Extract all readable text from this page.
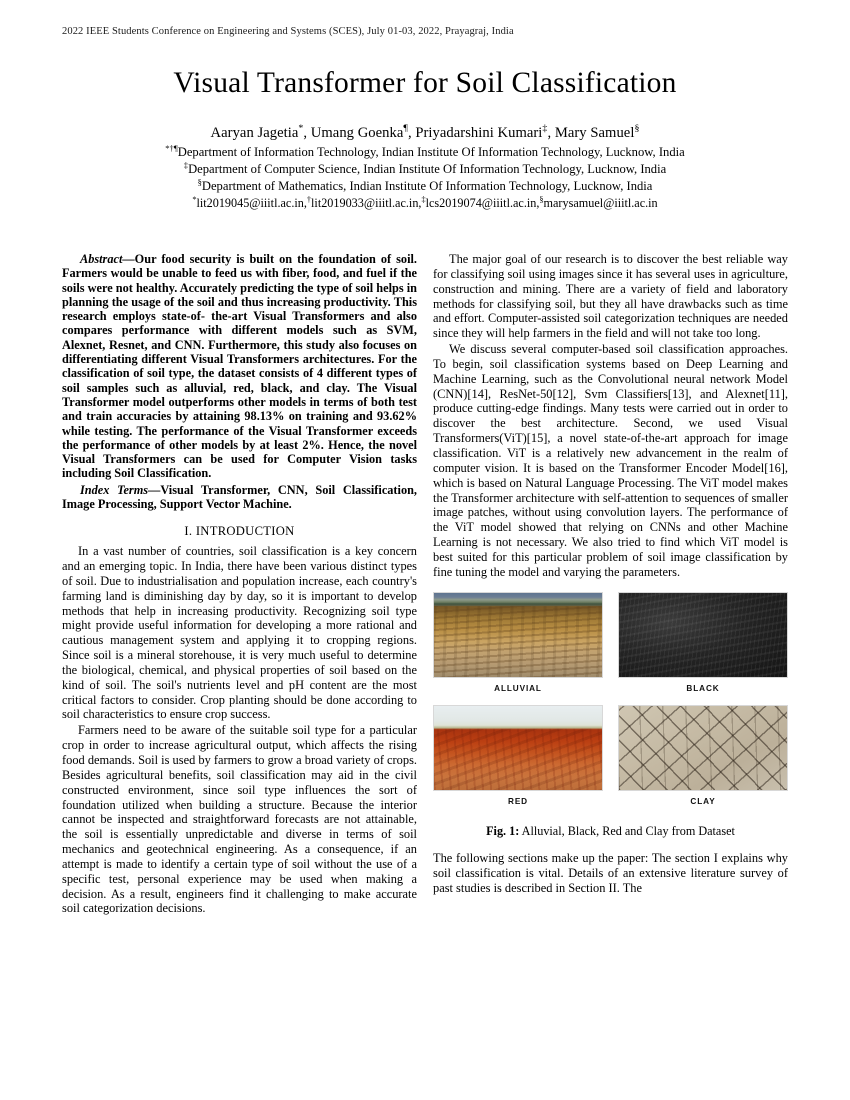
2022 IEEE Students Conference on Engineering and Systems (SCES), July 01-03, 2022, Prayagraj, India
Visual Transformer for Soil Classification
Aaryan Jagetia*, Umang Goenka¶, Priyadarshini Kumari‡, Mary Samuel§
*†¶Department of Information Technology, Indian Institute Of Information Technology, Lucknow, India
‡Department of Computer Science, Indian Institute Of Information Technology, Lucknow, India
§Department of Mathematics, Indian Institute Of Information Technology, Lucknow, India
*lit2019045@iiitl.ac.in,†lit2019033@iiitl.ac.in,‡lcs2019074@iiitl.ac.in,§marysamuel@iiitl.ac.in

Abstract—Our food security is built on the foundation of soil. Farmers would be unable to feed us with fiber, food, and fuel if the soils were not healthy. Accurately predicting the type of soil helps in planning the usage of the soil and thus increasing productivity. This research employs state-of- the-art Visual Transformers and also compares performance with different models such as SVM, Alexnet, Resnet, and CNN. Furthermore, this study also focuses on differentiating different Visual Transformers architectures. For the classification of soil type, the dataset consists of 4 different types of soil samples such as alluvial, red, black, and clay. The Visual Transformer model outperforms other models in terms of both test and train accuracies by attaining 98.13% on training and 93.62% while testing. The performance of the Visual Transformer exceeds the performance of other models by at least 2%. Hence, the novel Visual Transformers can be used for Computer Vision tasks including Soil Classification.

Index Terms—Visual Transformer, CNN, Soil Classification, Image Processing, Support Vector Machine.

I. INTRODUCTION

In a vast number of countries, soil classification is a key concern and an emerging topic. In India, there have been various distinct types of soil. Due to industrialisation and population increase, each country's farming land is diminishing day by day, so it is important to develop methods that help in increasing productivity. Recognizing soil type might provide useful information for developing a more rational and cautious management system and applying it to cropping regions. Since soil is a mineral storehouse, it is very much useful to determine the biological, chemical, and physical properties of soil based on the kind of soil. The soil's nutrients level and pH content are the most critical factors to consider. Crop planting should be done according to soil characteristics to ensure crop success.

Farmers need to be aware of the suitable soil type for a particular crop in order to increase agricultural output, which affects the rising food demands. Soil is used by farmers to grow a broad variety of crops. Besides agricultural benefits, soil classification may aid in the civil constructed environment, since soil type influences the sort of foundation utilized when building a structure. Because the interior cannot be inspected and straightforward forecasts are not attainable, the soil is essentially unpredictable and diverse in terms of soil mechanics and geotechnical engineering. As a consequence, if an attempt is made to identify a certain type of soil without the use of a specific test, personal experience may be used when making a decision. As a result, engineers find it challenging to make accurate soil categorization decisions.

The major goal of our research is to discover the best reliable way for classifying soil using images since it has several uses in agriculture, construction and mining. There are a variety of field and laboratory methods for classifying soil, but they all have drawbacks such as time and effort. Computer-assisted soil categorization techniques are needed since they will help farmers in the field and will not take too long.

We discuss several computer-based soil classification approaches. To begin, soil classification systems based on Deep Learning and Machine Learning, such as the Convolutional neural network Model (CNN)[14], ResNet-50[12], Svm Classifiers[13], and Alexnet[11], produce cutting-edge findings. Many tests were carried out in order to discover the best architecture. Second, we used Visual Transformers(ViT)[15], a novel state-of-the-art approach for image classification. ViT is a relatively new advancement in the realm of computer vision. It is based on the Transformer Encoder Model[16], which is based on Natural Language Processing. The ViT model makes the Transformer architecture with self-attention to sequences of smaller image patches, without using convolution layers. The performance of the ViT model showed that relying on CNNs and other Machine Learning is not necessary. We also tried to find which ViT model is best suited for this particular problem of soil image classification by fine tuning the model and varying the parameters.

ALLUVIAL	BLACK
RED	CLAY
Fig. 1: Alluvial, Black, Red and Clay from Dataset

The following sections make up the paper: The section I explains why soil classification is vital. Details of an extensive literature survey of past studies is described in Section II. The
